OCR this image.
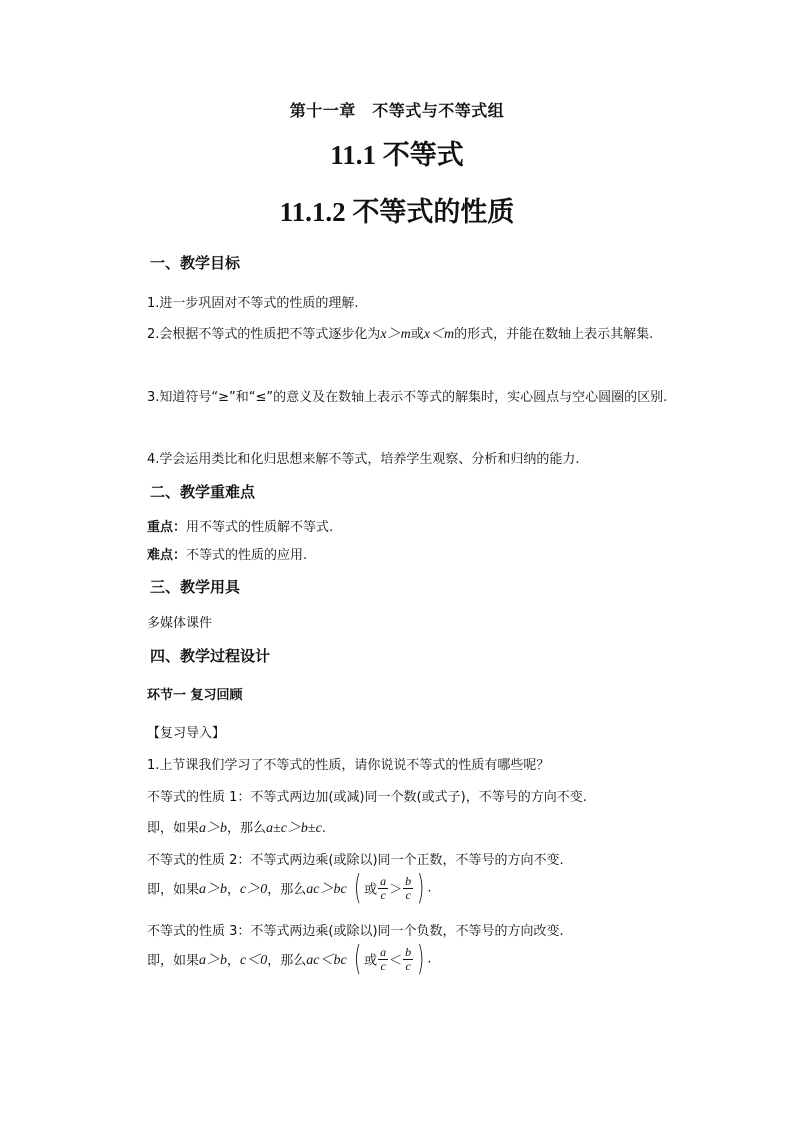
第十一章　不等式与不等式组
11.1 不等式
11.1.2 不等式的性质
一、教学目标
1.进一步巩固对不等式的性质的理解.
2.会根据不等式的性质把不等式逐步化为x＞m或x＜m的形式，并能在数轴上表示其解集.
3.知道符号“≥”和“≤”的意义及在数轴上表示不等式的解集时，实心圆点与空心圆圈的区别.
4.学会运用类比和化归思想来解不等式，培养学生观察、分析和归纳的能力.
二、教学重难点
重点：用不等式的性质解不等式.
难点：不等式的性质的应用.
三、教学用具
多媒体课件
四、教学过程设计
环节一 复习回顾
【复习导入】
1.上节课我们学习了不等式的性质，请你说说不等式的性质有哪些呢？
不等式的性质 1：不等式两边加(或减)同一个数(或式子)，不等号的方向不变.
即，如果a＞b，那么a±c＞b±c.
不等式的性质 2：不等式两边乘(或除以)同一个正数，不等号的方向不变.
即，如果a＞b，c＞0，那么ac＞bc ( 或 $\frac{a}{c} > \frac{b}{c}$ ) .
不等式的性质 3：不等式两边乘(或除以)同一个负数，不等号的方向改变.
即，如果a＞b，c＜0，那么ac＜bc ( 或 $\frac{a}{c} < \frac{b}{c}$ ) .
